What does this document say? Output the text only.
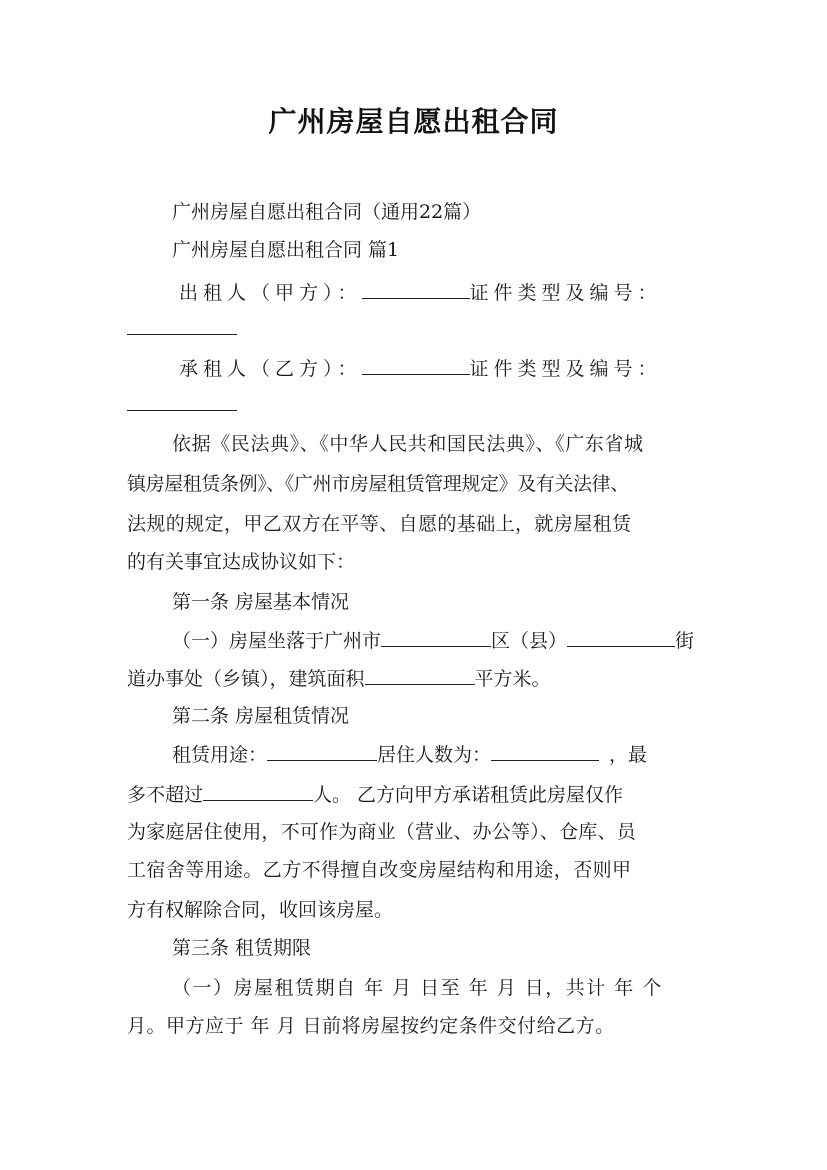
广州房屋自愿出租合同
广州房屋自愿出租合同（通用22篇）
广州房屋自愿出租合同 篇1
出租人（甲方）：	证件类型及编号：
承租人（乙方）：	证件类型及编号：
依据《民法典》、《中华人民共和国民法典》、《广东省城
镇房屋租赁条例》、《广州市房屋租赁管理规定》及有关法律、
法规的规定，甲乙双方在平等、自愿的基础上，就房屋租赁
的有关事宜达成协议如下：
第一条 房屋基本情况
（一）房屋坐落于广州市	区（县）	街
道办事处（乡镇），建筑面积	平方米。
第二条 房屋租赁情况
租赁用途：	居住人数为：	，最
多不超过	人。 乙方向甲方承诺租赁此房屋仅作
为家庭居住使用，不可作为商业（营业、办公等）、仓库、员
工宿舍等用途。乙方不得擅自改变房屋结构和用途，否则甲
方有权解除合同，收回该房屋。
第三条 租赁期限
（一）房屋租赁期自 年 月 日至 年 月 日，共计 年 个
月。甲方应于 年 月 日前将房屋按约定条件交付给乙方。
